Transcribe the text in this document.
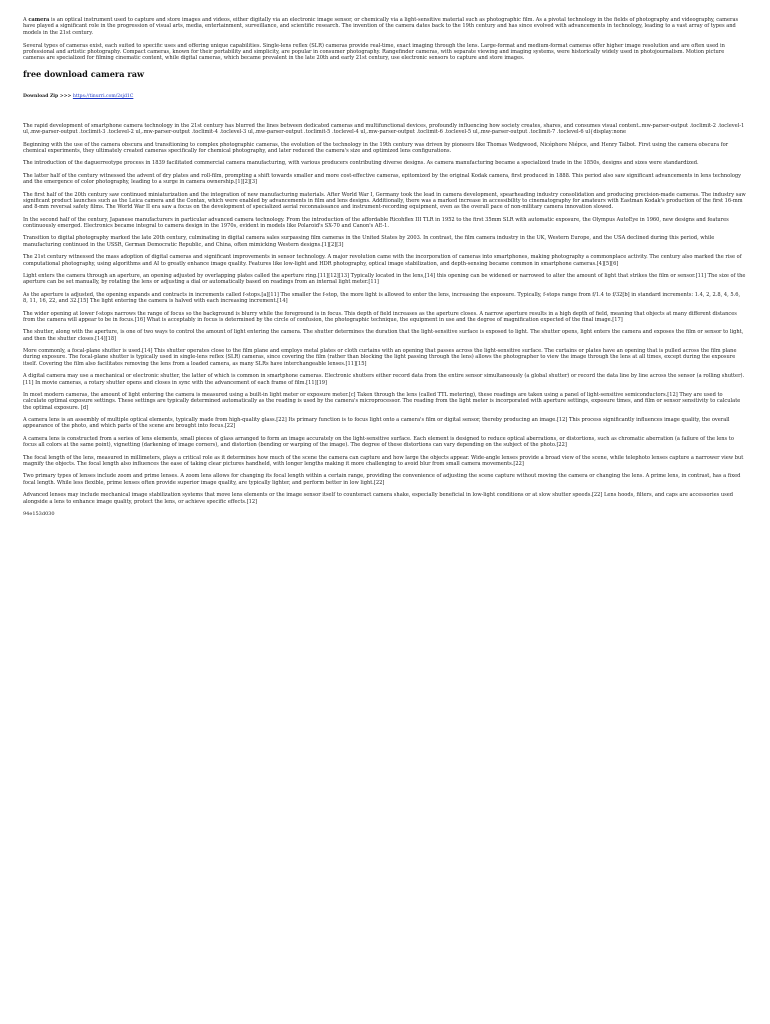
A camera is an optical instrument used to capture and store images and videos, either digitally via an electronic image sensor, or chemically via a light-sensitive material such as photographic film. As a pivotal technology in the fields of photography and videography, cameras have played a significant role in the progression of visual arts, media, entertainment, surveillance, and scientific research. The invention of the camera dates back to the 19th century and has since evolved with advancements in technology, leading to a vast array of types and models in the 21st century.

Several types of cameras exist, each suited to specific uses and offering unique capabilities. Single-lens reflex (SLR) cameras provide real-time, exact imaging through the lens. Large-format and medium-format cameras offer higher image resolution and are often used in professional and artistic photography. Compact cameras, known for their portability and simplicity, are popular in consumer photography. Rangefinder cameras, with separate viewing and imaging systems, were historically widely used in photojournalism. Motion picture cameras are specialized for filming cinematic content, while digital cameras, which became prevalent in the late 20th and early 21st century, use electronic sensors to capture and store images.

free download camera raw
Download Zip >>> https://tinurri.com/2sjd1C

The rapid development of smartphone camera technology in the 21st century has blurred the lines between dedicated cameras and multifunctional devices, profoundly influencing how society creates, shares, and consumes visual content..mw-parser-output .toclimit-2 .toclevel-1 ul,.mw-parser-output .toclimit-3 .toclevel-2 ul,.mw-parser-output .toclimit-4 .toclevel-3 ul,.mw-parser-output .toclimit-5 .toclevel-4 ul,.mw-parser-output .toclimit-6 .toclevel-5 ul,.mw-parser-output .toclimit-7 .toclevel-6 ul{display:none

Beginning with the use of the camera obscura and transitioning to complex photographic cameras, the evolution of the technology in the 19th century was driven by pioneers like Thomas Wedgwood, Nicéphore Niépce, and Henry Talbot. First using the camera obscura for chemical experiments, they ultimately created cameras specifically for chemical photography, and later reduced the camera's size and optimized lens configurations.

The introduction of the daguerreotype process in 1839 facilitated commercial camera manufacturing, with various producers contributing diverse designs. As camera manufacturing became a specialized trade in the 1850s, designs and sizes were standardized.

The latter half of the century witnessed the advent of dry plates and roll-film, prompting a shift towards smaller and more cost-effective cameras, epitomized by the original Kodak camera, first produced in 1888. This period also saw significant advancements in lens technology and the emergence of color photography, leading to a surge in camera ownership.[1][2][3]

The first half of the 20th century saw continued miniaturization and the integration of new manufacturing materials. After World War I, Germany took the lead in camera development, spearheading industry consolidation and producing precision-made cameras. The industry saw significant product launches such as the Leica camera and the Contax, which were enabled by advancements in film and lens designs. Additionally, there was a marked increase in accessibility to cinematography for amateurs with Eastman Kodak's production of the first 16-mm and 8-mm reversal safety films. The World War II era saw a focus on the development of specialized aerial reconnaissance and instrument-recording equipment, even as the overall pace of non-military camera innovation slowed.

In the second half of the century, Japanese manufacturers in particular advanced camera technology. From the introduction of the affordable Ricohflex III TLR in 1952 to the first 35mm SLR with automatic exposure, the Olympus AutoEye in 1960, new designs and features continuously emerged. Electronics became integral to camera design in the 1970s, evident in models like Polaroid's SX-70 and Canon's AE-1.

Transition to digital photography marked the late 20th century, culminating in digital camera sales surpassing film cameras in the United States by 2003. In contrast, the film camera industry in the UK, Western Europe, and the USA declined during this period, while manufacturing continued in the USSR, German Democratic Republic, and China, often mimicking Western designs.[1][2][3]

The 21st century witnessed the mass adoption of digital cameras and significant improvements in sensor technology. A major revolution came with the incorporation of cameras into smartphones, making photography a commonplace activity. The century also marked the rise of computational photography, using algorithms and AI to greatly enhance image quality. Features like low-light and HDR photography, optical image stabilization, and depth-sensing became common in smartphone cameras.[4][5][6]

Light enters the camera through an aperture, an opening adjusted by overlapping plates called the aperture ring.[11][12][13] Typically located in the lens,[14] this opening can be widened or narrowed to alter the amount of light that strikes the film or sensor.[11] The size of the aperture can be set manually, by rotating the lens or adjusting a dial or automatically based on readings from an internal light meter.[11]

As the aperture is adjusted, the opening expands and contracts in increments called f-stops.[a][11] The smaller the f-stop, the more light is allowed to enter the lens, increasing the exposure. Typically, f-stops range from f/1.4 to f/32[b] in standard increments: 1.4, 2, 2.8, 4, 5.6, 8, 11, 16, 22, and 32.[15] The light entering the camera is halved with each increasing increment.[14]

The wider opening at lower f-stops narrows the range of focus so the background is blurry while the foreground is in focus. This depth of field increases as the aperture closes. A narrow aperture results in a high depth of field, meaning that objects at many different distances from the camera will appear to be in focus.[16] What is acceptably in focus is determined by the circle of confusion, the photographic technique, the equipment in use and the degree of magnification expected of the final image.[17]

The shutter, along with the aperture, is one of two ways to control the amount of light entering the camera. The shutter determines the duration that the light-sensitive surface is exposed to light. The shutter opens, light enters the camera and exposes the film or sensor to light, and then the shutter closes.[14][18]

More commonly, a focal-plane shutter is used.[14] This shutter operates close to the film plane and employs metal plates or cloth curtains with an opening that passes across the light-sensitive surface. The curtains or plates have an opening that is pulled across the film plane during exposure. The focal-plane shutter is typically used in single-lens reflex (SLR) cameras, since covering the film (rather than blocking the light passing through the lens) allows the photographer to view the image through the lens at all times, except during the exposure itself. Covering the film also facilitates removing the lens from a loaded camera, as many SLRs have interchangeable lenses.[11][15]

A digital camera may use a mechanical or electronic shutter, the latter of which is common in smartphone cameras. Electronic shutters either record data from the entire sensor simultaneously (a global shutter) or record the data line by line across the sensor (a rolling shutter).[11] In movie cameras, a rotary shutter opens and closes in sync with the advancement of each frame of film.[11][19]

In most modern cameras, the amount of light entering the camera is measured using a built-in light meter or exposure meter.[c] Taken through the lens (called TTL metering), these readings are taken using a panel of light-sensitive semiconductors.[12] They are used to calculate optimal exposure settings. These settings are typically determined automatically as the reading is used by the camera's microprocessor. The reading from the light meter is incorporated with aperture settings, exposure times, and film or sensor sensitivity to calculate the optimal exposure. [d]

A camera lens is an assembly of multiple optical elements, typically made from high-quality glass.[22] Its primary function is to focus light onto a camera's film or digital sensor, thereby producing an image.[12] This process significantly influences image quality, the overall appearance of the photo, and which parts of the scene are brought into focus.[22]

A camera lens is constructed from a series of lens elements, small pieces of glass arranged to form an image accurately on the light-sensitive surface. Each element is designed to reduce optical aberrations, or distortions, such as chromatic aberration (a failure of the lens to focus all colors at the same point), vignetting (darkening of image corners), and distortion (bending or warping of the image). The degree of these distortions can vary depending on the subject of the photo.[22]

The focal length of the lens, measured in millimeters, plays a critical role as it determines how much of the scene the camera can capture and how large the objects appear. Wide-angle lenses provide a broad view of the scene, while telephoto lenses capture a narrower view but magnify the objects. The focal length also influences the ease of taking clear pictures handheld, with longer lengths making it more challenging to avoid blur from small camera movements.[22]

Two primary types of lenses include zoom and prime lenses. A zoom lens allows for changing its focal length within a certain range, providing the convenience of adjusting the scene capture without moving the camera or changing the lens. A prime lens, in contrast, has a fixed focal length. While less flexible, prime lenses often provide superior image quality, are typically lighter, and perform better in low light.[22]

Advanced lenses may include mechanical image stabilization systems that move lens elements or the image sensor itself to counteract camera shake, especially beneficial in low-light conditions or at slow shutter speeds.[22] Lens hoods, filters, and caps are accessories used alongside a lens to enhance image quality, protect the lens, or achieve specific effects.[12]

94e153d030
